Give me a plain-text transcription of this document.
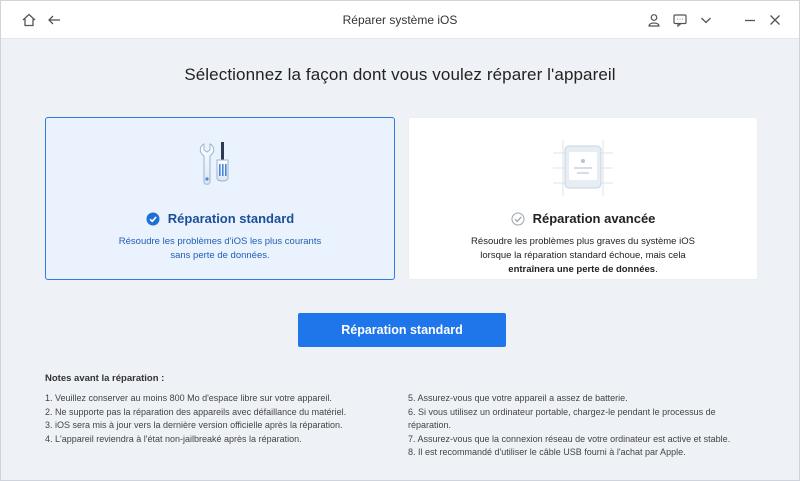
Réparer système iOS
Sélectionnez la façon dont vous voulez réparer l'appareil
Réparation standard
Résoudre les problèmes d'iOS les plus courants
sans perte de données.
Réparation avancée
Résoudre les problèmes plus graves du système iOS
lorsque la réparation standard échoue, mais cela
entraînera une perte de données.
Réparation standard
Notes avant la réparation :
1. Veuillez conserver au moins 800 Mo d'espace libre sur votre appareil.
2. Ne supporte pas la réparation des appareils avec défaillance du matériel.
3. iOS sera mis à jour vers la dernière version officielle après la réparation.
4. L'appareil reviendra à l'état non-jailbreaké après la réparation.
5. Assurez-vous que votre appareil a assez de batterie.
6. Si vous utilisez un ordinateur portable, chargez-le pendant le processus de
réparation.
7. Assurez-vous que la connexion réseau de votre ordinateur est active et stable.
8. Il est recommandé d'utiliser le câble USB fourni à l'achat par Apple.
